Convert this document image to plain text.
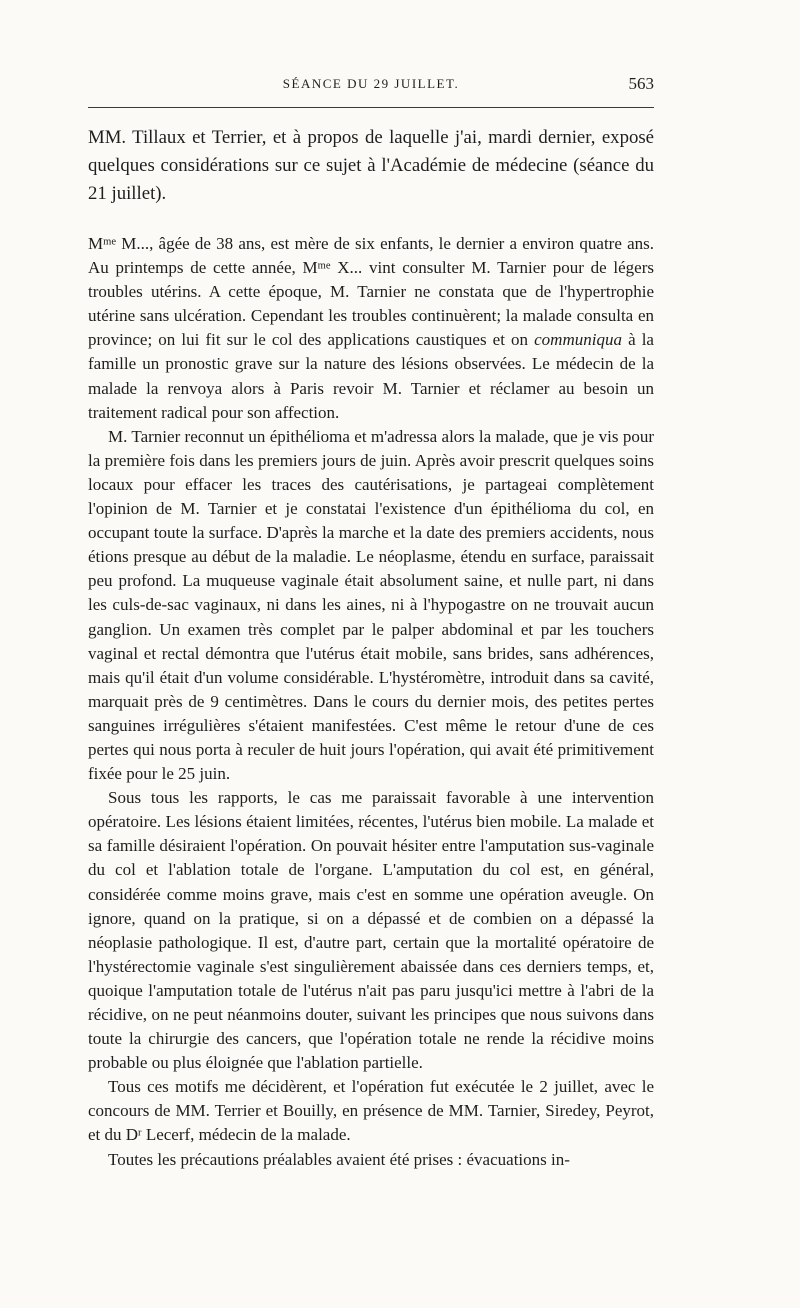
SÉANCE DU 29 JUILLET.	563

MM. Tillaux et Terrier, et à propos de laquelle j'ai, mardi dernier, exposé quelques considérations sur ce sujet à l'Académie de médecine (séance du 21 juillet).

$M^{me}$ M..., âgée de 38 ans, est mère de six enfants, le dernier a environ quatre ans. Au printemps de cette année, $M^{me}$ X... vint consulter M. Tarnier pour de légers troubles utérins. A cette époque, M. Tarnier ne constata que de l'hypertrophie utérine sans ulcération. Cependant les troubles continuèrent; la malade consulta en province; on lui fit sur le col des applications caustiques et on communiqua à la famille un pronostic grave sur la nature des lésions observées. Le médecin de la malade la renvoya alors à Paris revoir M. Tarnier et réclamer au besoin un traitement radical pour son affection.

M. Tarnier reconnut un épithélioma et m'adressa alors la malade, que je vis pour la première fois dans les premiers jours de juin. Après avoir prescrit quelques soins locaux pour effacer les traces des cautérisations, je partageai complètement l'opinion de M. Tarnier et je constatai l'existence d'un épithélioma du col, en occupant toute la surface. D'après la marche et la date des premiers accidents, nous étions presque au début de la maladie. Le néoplasme, étendu en surface, paraissait peu profond. La muqueuse vaginale était absolument saine, et nulle part, ni dans les culs-de-sac vaginaux, ni dans les aines, ni à l'hypogastre on ne trouvait aucun ganglion. Un examen très complet par le palper abdominal et par les touchers vaginal et rectal démontra que l'utérus était mobile, sans brides, sans adhérences, mais qu'il était d'un volume considérable. L'hystéromètre, introduit dans sa cavité, marquait près de 9 centimètres. Dans le cours du dernier mois, des petites pertes sanguines irrégulières s'étaient manifestées. C'est même le retour d'une de ces pertes qui nous porta à reculer de huit jours l'opération, qui avait été primitivement fixée pour le 25 juin.

Sous tous les rapports, le cas me paraissait favorable à une intervention opératoire. Les lésions étaient limitées, récentes, l'utérus bien mobile. La malade et sa famille désiraient l'opération. On pouvait hésiter entre l'amputation sus-vaginale du col et l'ablation totale de l'organe. L'amputation du col est, en général, considérée comme moins grave, mais c'est en somme une opération aveugle. On ignore, quand on la pratique, si on a dépassé et de combien on a dépassé la néoplasie pathologique. Il est, d'autre part, certain que la mortalité opératoire de l'hystérectomie vaginale s'est singulièrement abaissée dans ces derniers temps, et, quoique l'amputation totale de l'utérus n'ait pas paru jusqu'ici mettre à l'abri de la récidive, on ne peut néanmoins douter, suivant les principes que nous suivons dans toute la chirurgie des cancers, que l'opération totale ne rende la récidive moins probable ou plus éloignée que l'ablation partielle.

Tous ces motifs me décidèrent, et l'opération fut exécutée le 2 juillet, avec le concours de MM. Terrier et Bouilly, en présence de MM. Tarnier, Siredey, Peyrot, et du $D^r$ Lecerf, médecin de la malade.

Toutes les précautions préalables avaient été prises : évacuations in-
